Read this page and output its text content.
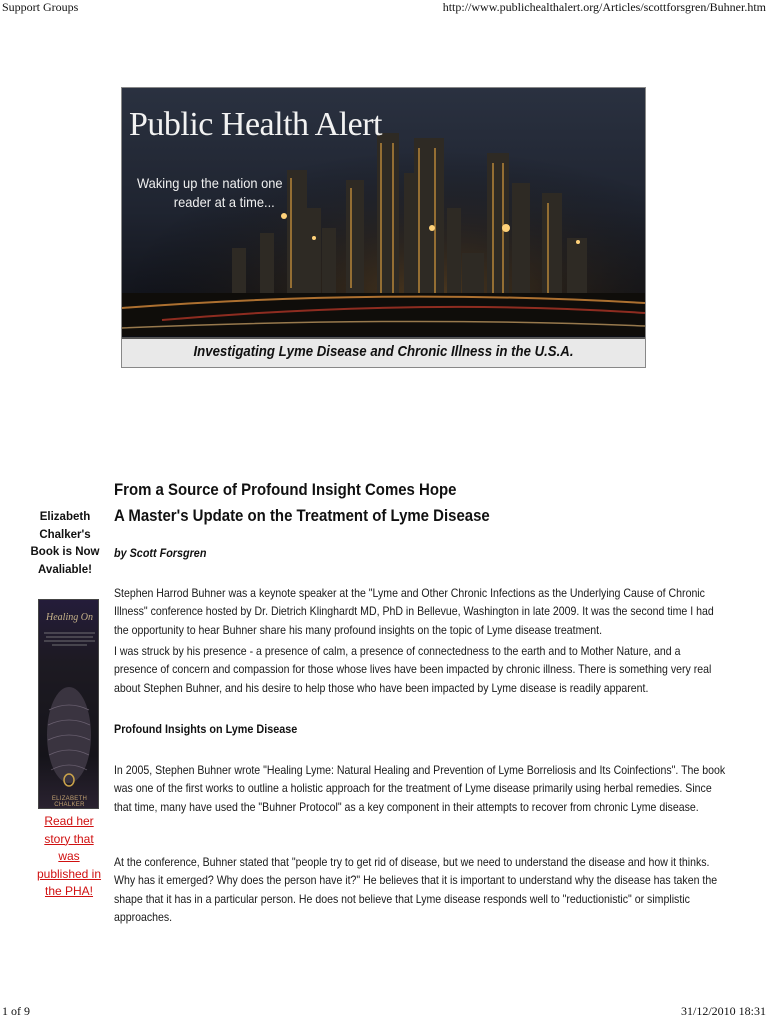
Support Groups	http://www.publichealthalert.org/Articles/scottforsgren/Buhner.htm
Public Health Alert
Waking up the nation one
reader at a time...
Investigating Lyme Disease and Chronic Illness in the U.S.A.
Elizabeth Chalker's Book is Now Avaliable!
Healing On
ELIZABETH CHALKER
Read her story that was published in the PHA!
From a Source of Profound Insight Comes Hope
A Master's Update on the Treatment of Lyme Disease
by Scott Forsgren
Stephen Harrod Buhner was a keynote speaker at the "Lyme and Other Chronic Infections as the Underlying Cause of Chronic Illness" conference hosted by Dr. Dietrich Klinghardt MD, PhD in Bellevue, Washington in late 2009. It was the second time I had the opportunity to hear Buhner share his many profound insights on the topic of Lyme disease treatment.
I was struck by his presence - a presence of calm, a presence of connectedness to the earth and to Mother Nature, and a presence of concern and compassion for those whose lives have been impacted by chronic illness. There is something very real about Stephen Buhner, and his desire to help those who have been impacted by Lyme disease is readily apparent.
Profound Insights on Lyme Disease
In 2005, Stephen Buhner wrote "Healing Lyme: Natural Healing and Prevention of Lyme Borreliosis and Its Coinfections". The book was one of the first works to outline a holistic approach for the treatment of Lyme disease primarily using herbal remedies. Since that time, many have used the "Buhner Protocol" as a key component in their attempts to recover from chronic Lyme disease.
At the conference, Buhner stated that "people try to get rid of disease, but we need to understand the disease and how it thinks. Why has it emerged? Why does the person have it?" He believes that it is important to understand why the disease has taken the shape that it has in a particular person. He does not believe that Lyme disease responds well to "reductionistic" or simplistic approaches.
1 of 9	31/12/2010 18:31
